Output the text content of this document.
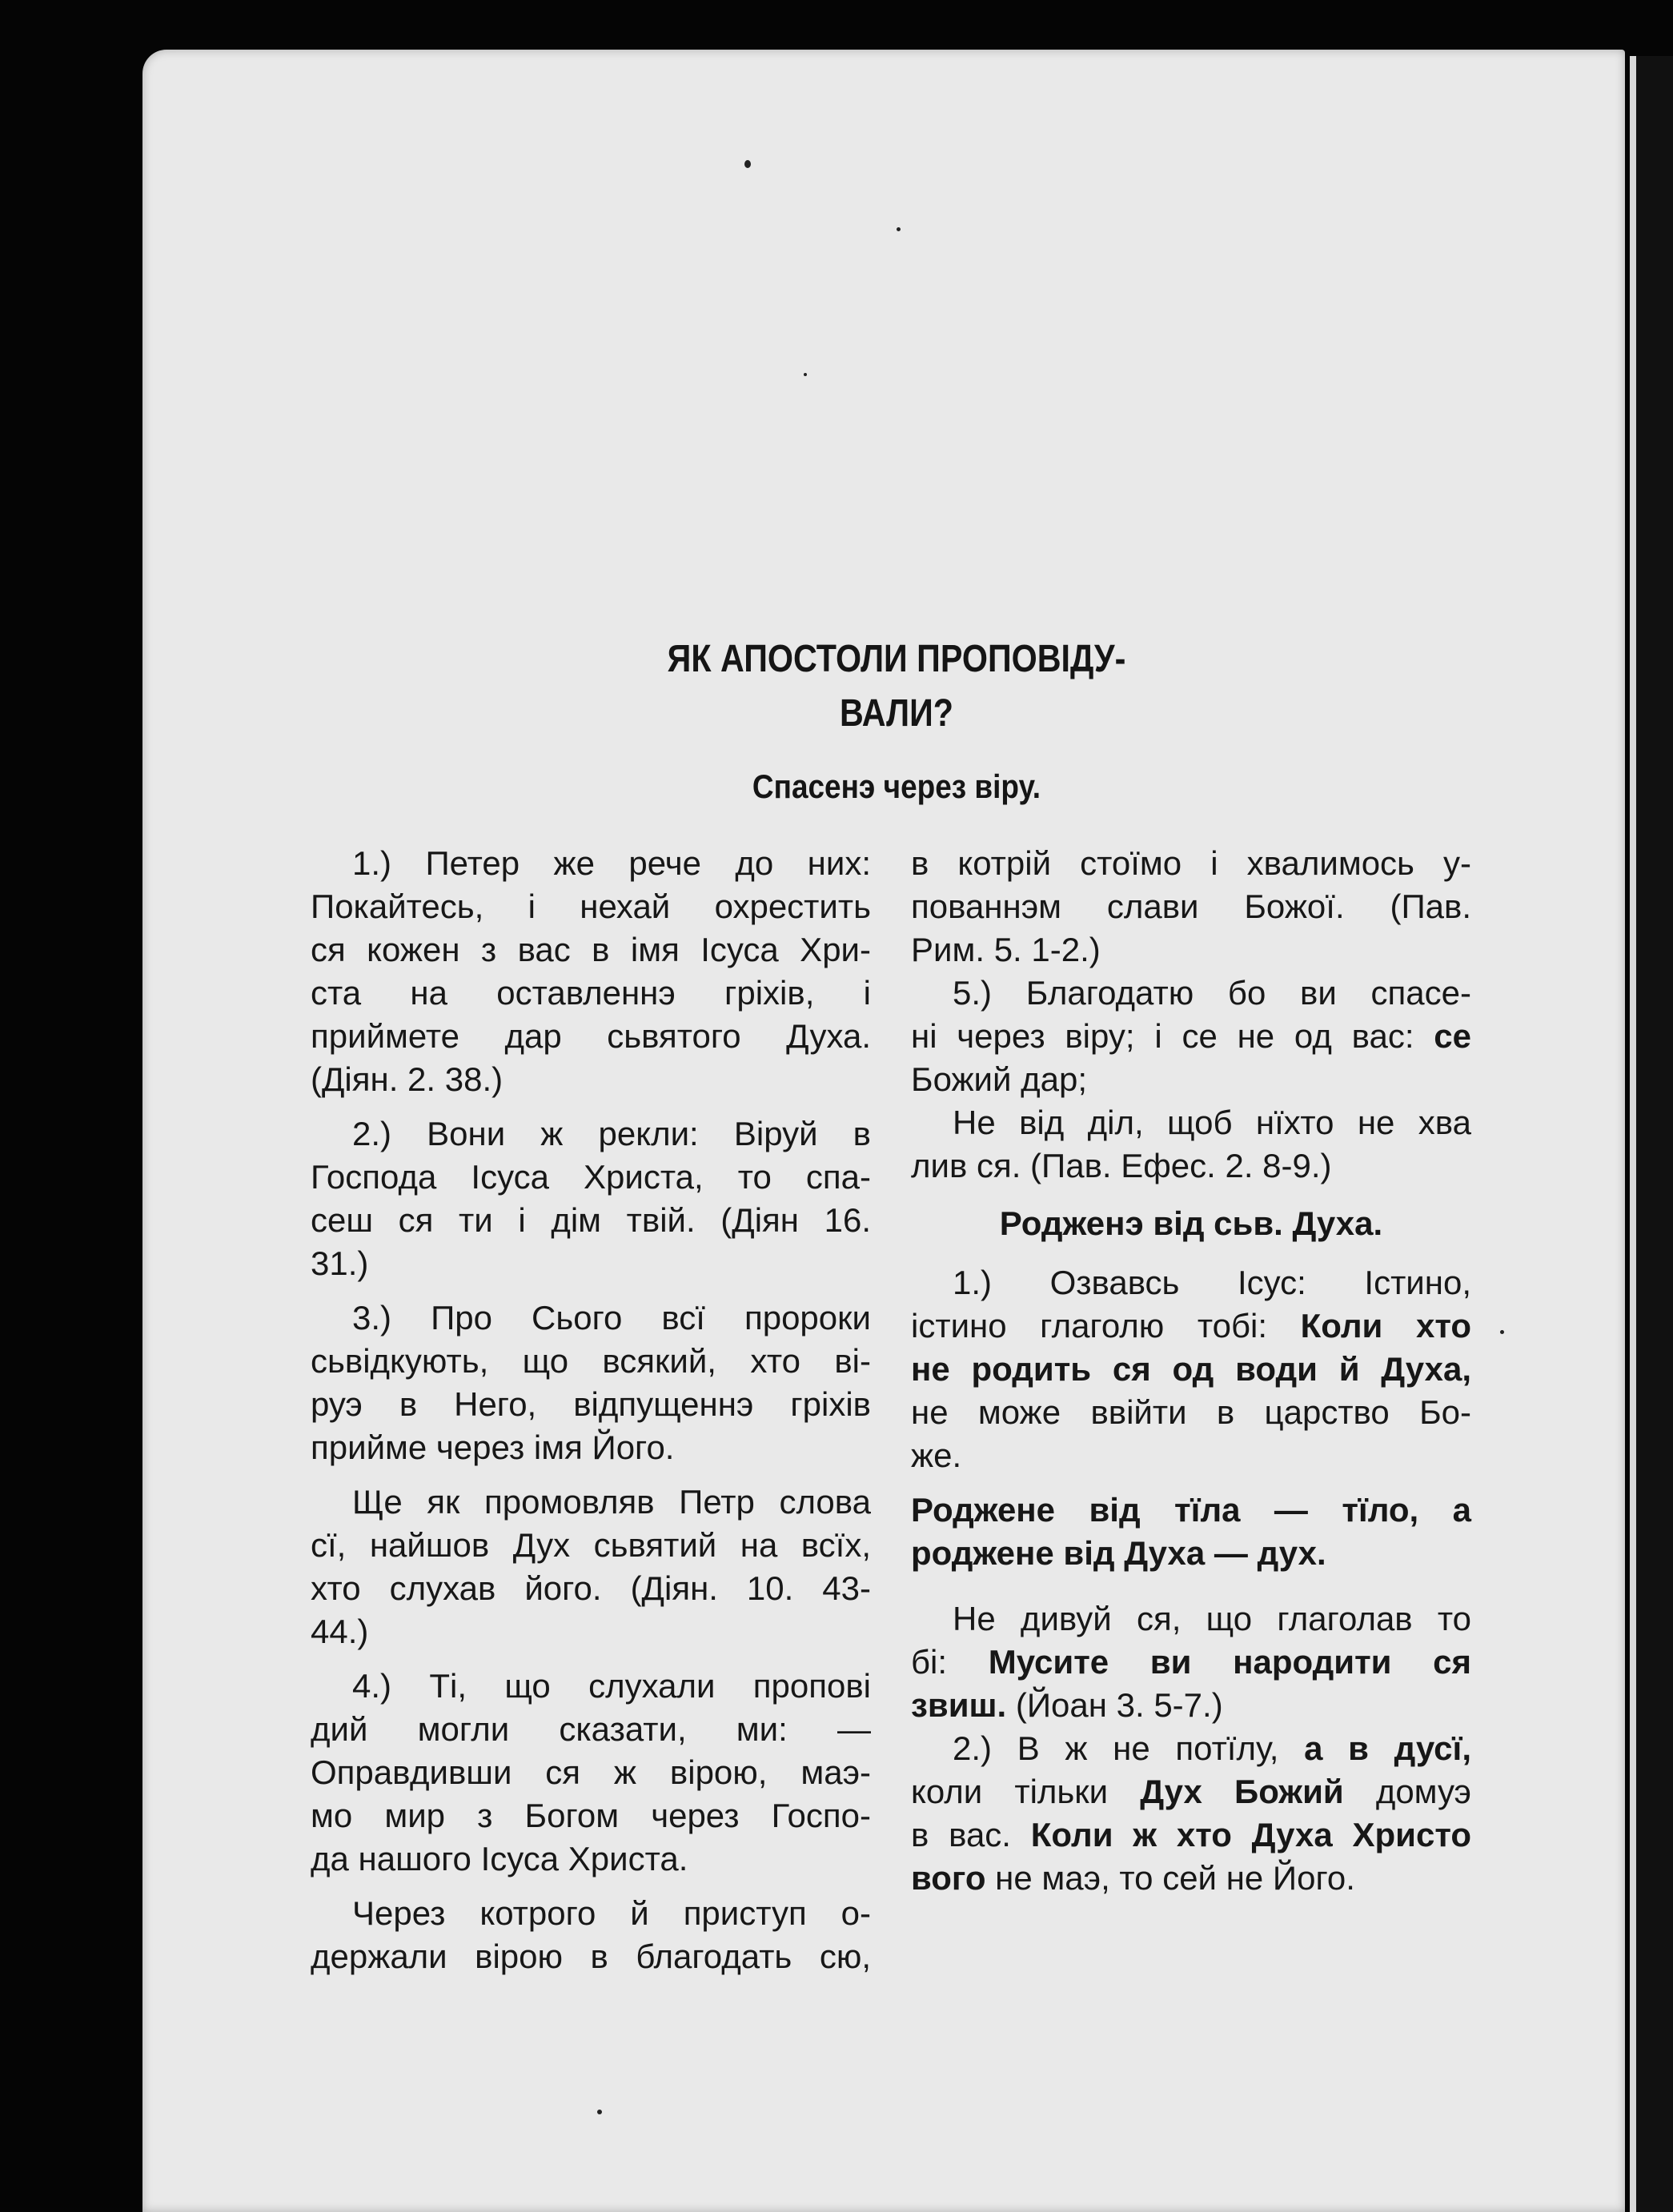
ЯК АПОСТОЛИ ПРОПОВІДУ-
ВАЛИ?
Спасенэ через віру.
1.) Петер же рече до них:
Покайтесь, і нехай охрестить
ся кожен з вас в імя Ісуса Хри-
ста на оставленнэ гріхів, і
приймете дар сьвятого Духа.
(Діян. 2. 38.)
2.) Вони ж рекли: Віруй в
Господа Ісуса Христа, то спа-
сеш ся ти і дім твій. (Діян 16.
31.)
3.) Про Сього всї пророки
сьвідкують, що всякий, хто ві-
руэ в Него, відпущеннэ гріхів
прийме через імя Його.
Ще як промовляв Петр слова
сї, найшов Дух сьвятий на всїх,
хто слухав його. (Діян. 10. 43-
44.)
4.) Ті, що слухали пропові
дий могли сказати, ми: —
Оправдивши ся ж вірою, маэ-
мо мир з Богом через Госпо-
да нашого Ісуса Христа.
Через котрого й приступ о-
держали вірою в благодать сю,
в котрій стоїмо і хвалимось у-
пованнэм слави Божої. (Пав.
Рим. 5. 1-2.)
5.) Благодатю бо ви спасе-
ні через віру; і се не од вас: се
Божий дар;
Не від діл, щоб нїхто не хва
лив ся. (Пав. Ефес. 2. 8-9.)
Родженэ від сьв. Духа.
1.) Озвавсь Ісус: Істино,
істино глаголю тобі: Коли хто
не родить ся од води й Духа,
не може ввійти в царство Бо-
же.
Роджене від тїла — тїло, а
роджене від Духа — дух.
Не дивуй ся, що глаголав то
бі: Мусите ви народити ся
звиш. (Йоан 3. 5-7.)
2.) В ж не потїлу, а в дусї,
коли тільки Дух Божий домуэ
в вас. Коли ж хто Духа Христо
вого не маэ, то сей не Його.
